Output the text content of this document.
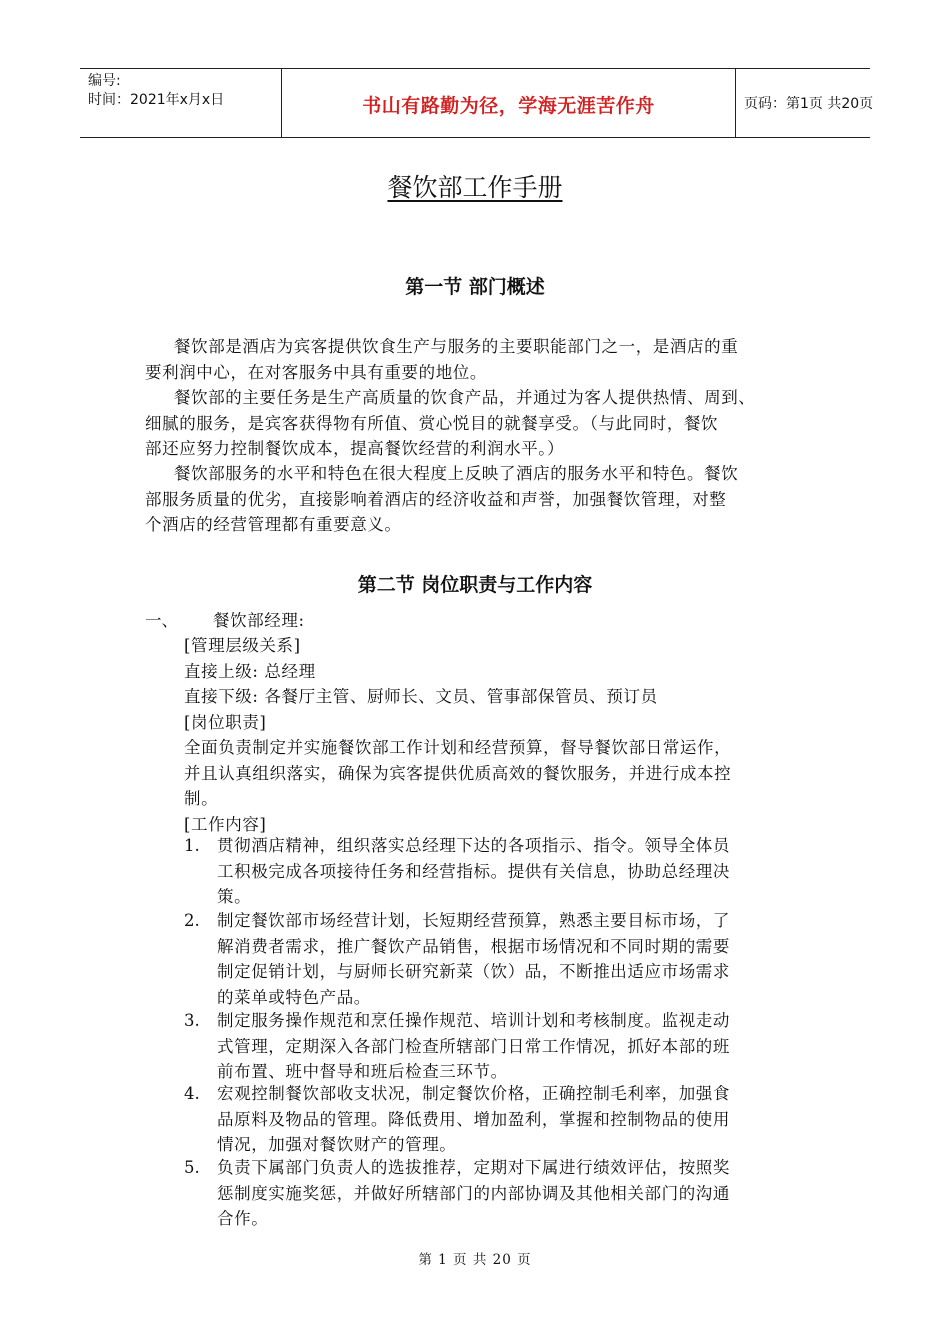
编号:
时间：2021年x月x日	书山有路勤为径，学海无涯苦作舟	页码：第1页 共20页
餐饮部工作手册
第一节 部门概述
餐饮部是酒店为宾客提供饮食生产与服务的主要职能部门之一，是酒店的重
要利润中心，在对客服务中具有重要的地位。
餐饮部的主要任务是生产高质量的饮食产品，并通过为客人提供热情、周到、
细腻的服务，是宾客获得物有所值、赏心悦目的就餐享受。（与此同时，餐饮
部还应努力控制餐饮成本，提高餐饮经营的利润水平。）
餐饮部服务的水平和特色在很大程度上反映了酒店的服务水平和特色。餐饮
部服务质量的优劣，直接影响着酒店的经济收益和声誉，加强餐饮管理，对整
个酒店的经营管理都有重要意义。
第二节 岗位职责与工作内容
一、 餐饮部经理:
[管理层级关系]
直接上级: 总经理
直接下级: 各餐厅主管、厨师长、文员、管事部保管员、预订员
[岗位职责]
全面负责制定并实施餐饮部工作计划和经营预算，督导餐饮部日常运作，
并且认真组织落实，确保为宾客提供优质高效的餐饮服务，并进行成本控
制。
[工作内容]
1. 贯彻酒店精神，组织落实总经理下达的各项指示、指令。领导全体员
工积极完成各项接待任务和经营指标。提供有关信息，协助总经理决
策。
2. 制定餐饮部市场经营计划，长短期经营预算，熟悉主要目标市场，了
解消费者需求，推广餐饮产品销售，根据市场情况和不同时期的需要
制定促销计划，与厨师长研究新菜（饮）品，不断推出适应市场需求
的菜单或特色产品。
3. 制定服务操作规范和烹任操作规范、培训计划和考核制度。监视走动
式管理，定期深入各部门检查所辖部门日常工作情况，抓好本部的班
前布置、班中督导和班后检查三环节。
4. 宏观控制餐饮部收支状况，制定餐饮价格，正确控制毛利率，加强食
品原料及物品的管理。降低费用、增加盈利，掌握和控制物品的使用
情况，加强对餐饮财产的管理。
5. 负责下属部门负责人的选拔推荐，定期对下属进行绩效评估，按照奖
惩制度实施奖惩，并做好所辖部门的内部协调及其他相关部门的沟通
合作。
第 1 页 共 20 页
